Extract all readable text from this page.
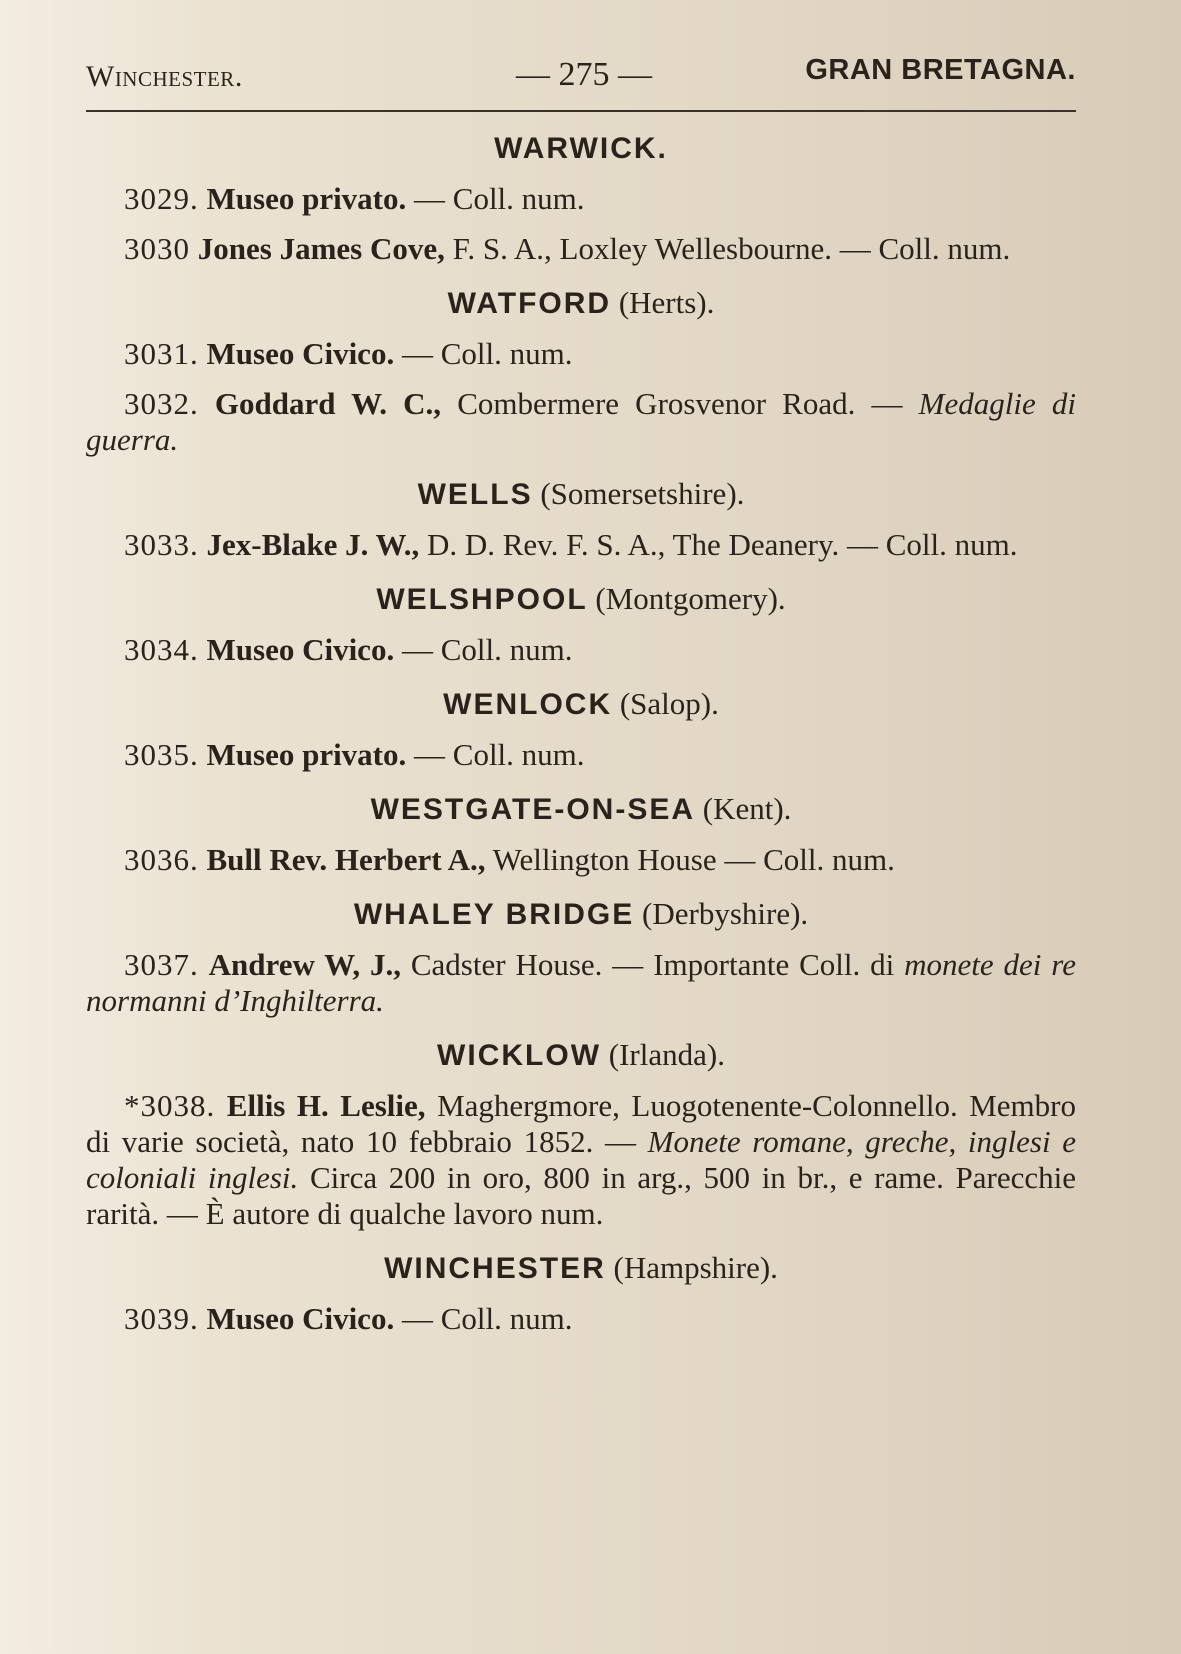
Winchester.	— 275 —	GRAN BRETAGNA.
WARWICK.

3029. Museo privato. — Coll. num.

3030 Jones James Cove, F. S. A., Loxley Wellesbourne. — Coll. num.

WATFORD (Herts).

3031. Museo Civico. — Coll. num.

3032. Goddard W. C., Combermere Grosvenor Road. — Medaglie di guerra.

WELLS (Somersetshire).

3033. Jex-Blake J. W., D. D. Rev. F. S. A., The Deanery. — Coll. num.

WELSHPOOL (Montgomery).

3034. Museo Civico. — Coll. num.

WENLOCK (Salop).

3035. Museo privato. — Coll. num.

WESTGATE-ON-SEA (Kent).

3036. Bull Rev. Herbert A., Wellington House — Coll. num.

WHALEY BRIDGE (Derbyshire).

3037. Andrew W, J., Cadster House. — Importante Coll. di monete dei re normanni d’Inghilterra.

WICKLOW (Irlanda).

*3038. Ellis H. Leslie, Maghergmore, Luogotenente-Colonnello. Membro di varie società, nato 10 febbraio 1852. — Monete romane, greche, inglesi e coloniali inglesi. Circa 200 in oro, 800 in arg., 500 in br., e rame. Parecchie rarità. — È autore di qualche lavoro num.

WINCHESTER (Hampshire).

3039. Museo Civico. — Coll. num.
